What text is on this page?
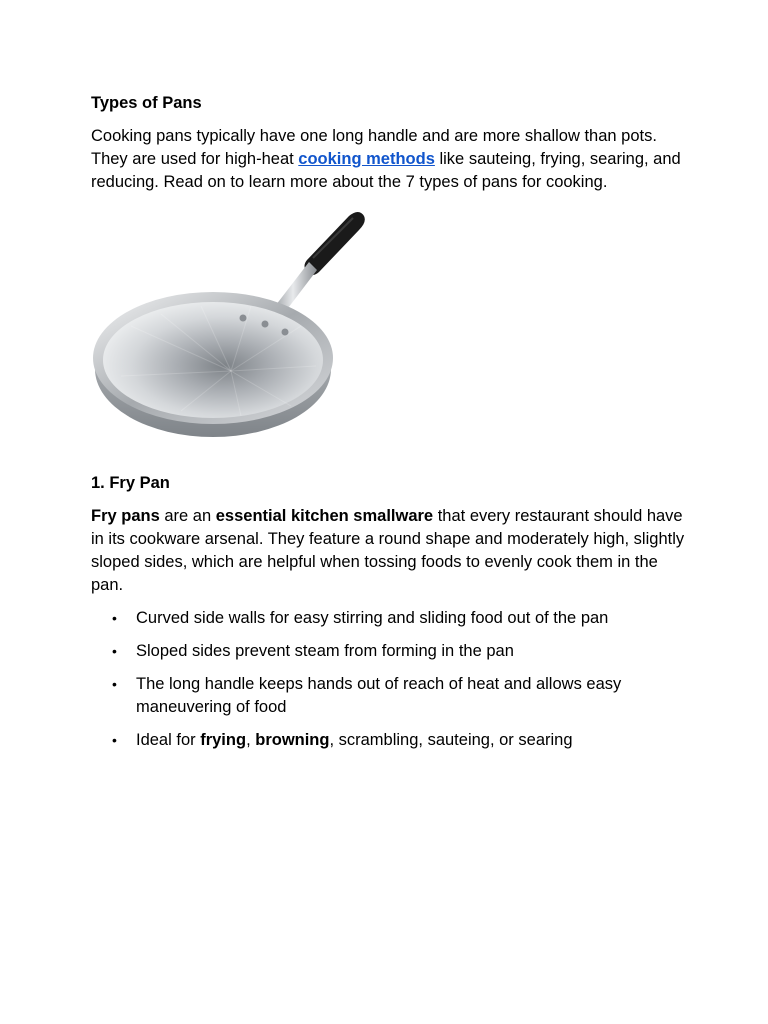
Types of Pans

Cooking pans typically have one long handle and are more shallow than pots. They are used for high-heat cooking methods like sauteing, frying, searing, and reducing. Read on to learn more about the 7 types of pans for cooking.

1. Fry Pan

Fry pans are an essential kitchen smallware that every restaurant should have in its cookware arsenal. They feature a round shape and moderately high, slightly sloped sides, which are helpful when tossing foods to evenly cook them in the pan.

• Curved side walls for easy stirring and sliding food out of the pan
• Sloped sides prevent steam from forming in the pan
• The long handle keeps hands out of reach of heat and allows easy maneuvering of food
• Ideal for frying, browning, scrambling, sauteing, or searing
